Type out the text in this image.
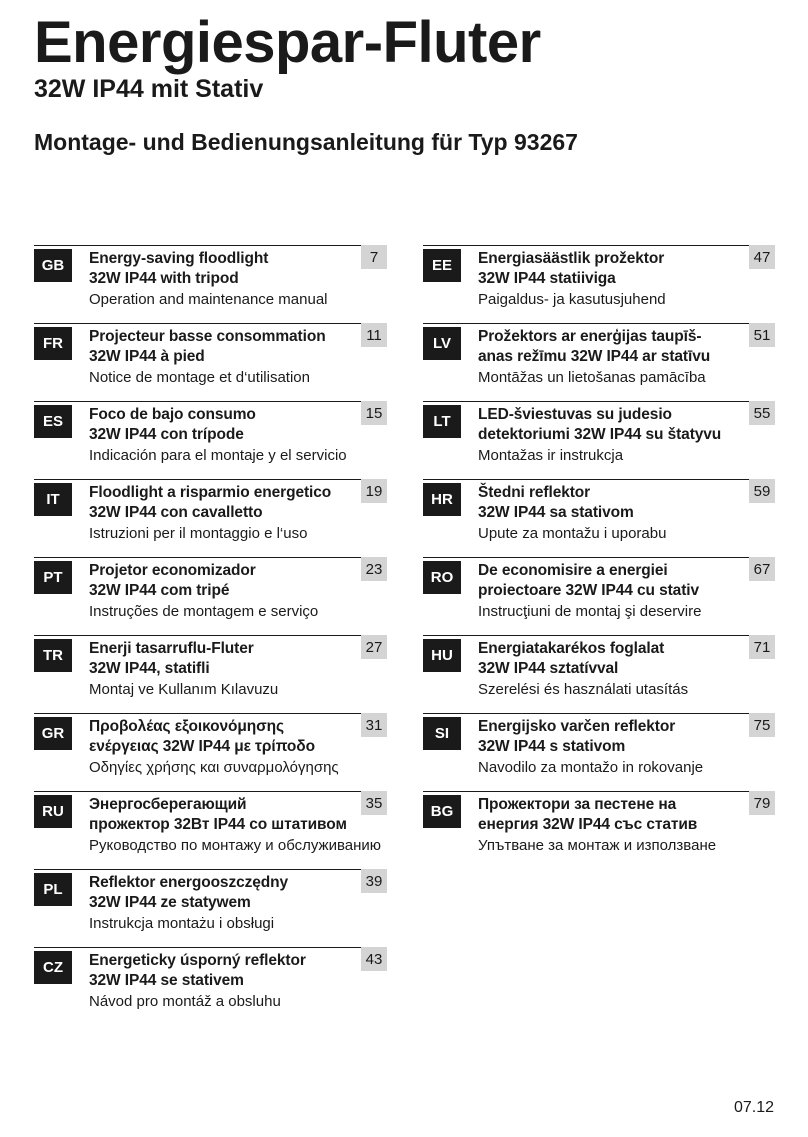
Energiespar-Fluter
32W IP44 mit Stativ
Montage- und Bedienungsanleitung für Typ 93267
GB	7

Energy-saving floodlight

32W IP44 with tripod

Operation and maintenance manual

FR	11

Projecteur basse consommation

32W IP44 à pied

Notice de montage et d‘utilisation

ES	15

Foco de bajo consumo

32W IP44 con trípode

Indicación para el montaje y el servicio

IT	19

Floodlight a risparmio energetico

32W IP44 con cavalletto

Istruzioni per il montaggio e l‘uso

PT	23

Projetor economizador

32W IP44 com tripé

Instruções de montagem e serviço

TR	27

Enerji tasarruflu-Fluter

32W IP44, statifli

Montaj ve Kullanım Kılavuzu

GR	31

Προβολέας εξοικονόμησης

ενέργειας 32W IP44 με τρίποδο

Οδηγίες χρήσης και συναρμολόγησης

RU	35

Энергосберегающий

прожектор 32Вт IP44 со штативом

Руководство по монтажу и обслуживанию

PL	39

Reflektor energooszczędny

32W IP44 ze statywem

Instrukcja montażu i obsługi

CZ	43

Energeticky úsporný reflektor

32W IP44 se stativem

Návod pro montáž a obsluhu

EE	47

Energiasäästlik prožektor

32W IP44 statiiviga

Paigaldus- ja kasutusjuhend

LV	51

Prožektors ar enerģijas taupīš-

anas režīmu 32W IP44 ar statīvu

Montāžas un lietošanas pamācība

LT	55

LED-šviestuvas su judesio

detektoriumi 32W IP44 su štatyvu

Montažas ir instrukcja

HR	59

Štedni reflektor

32W IP44 sa stativom

Upute za montažu i uporabu

RO	67

De economisire a energiei

proiectoare 32W IP44 cu stativ

Instrucţiuni de montaj şi deservire

HU	71

Energiatakarékos foglalat

32W IP44 sztatívval

Szerelési és használati utasítás

SI	75

Energijsko varčen reflektor

32W IP44 s stativom

Navodilo za montažo in rokovanje

BG	79

Прожектори за пестене на

енергия 32W IP44 със статив

Упътване за монтаж и използване

07.12
